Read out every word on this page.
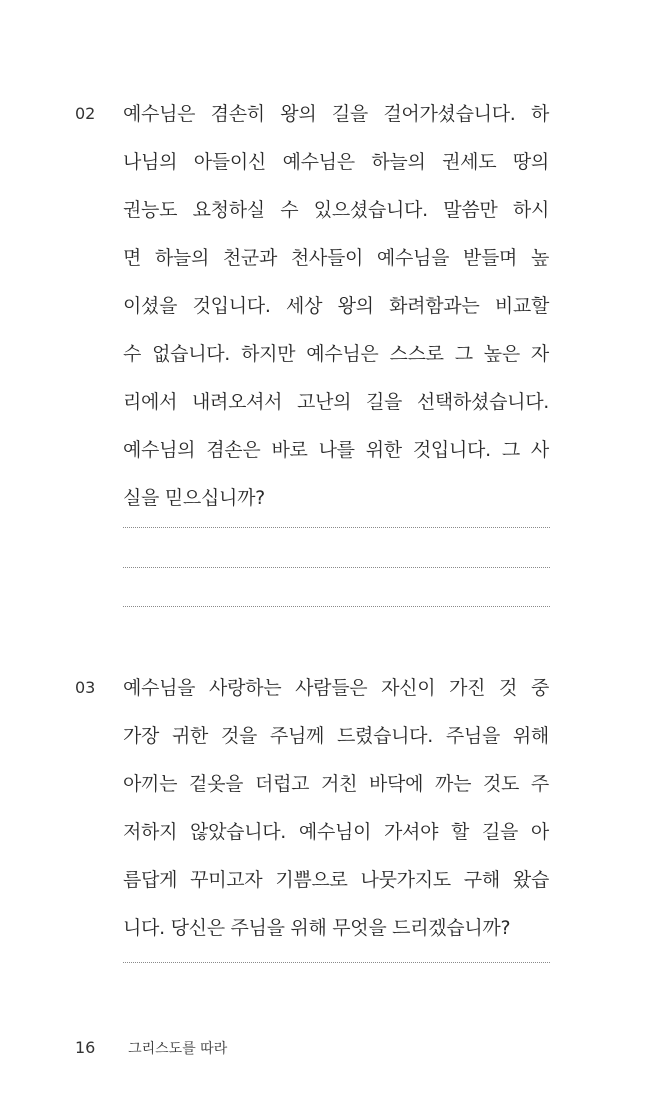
02	예수님은 겸손히 왕의 길을 걸어가셨습니다. 하
나님의 아들이신 예수님은 하늘의 권세도 땅의
권능도 요청하실 수 있으셨습니다. 말씀만 하시
면 하늘의 천군과 천사들이 예수님을 받들며 높
이셨을 것입니다. 세상 왕의 화려함과는 비교할
수 없습니다. 하지만 예수님은 스스로 그 높은 자
리에서 내려오셔서 고난의 길을 선택하셨습니다.
예수님의 겸손은 바로 나를 위한 것입니다. 그 사
실을 믿으십니까?
03	예수님을 사랑하는 사람들은 자신이 가진 것 중
가장 귀한 것을 주님께 드렸습니다. 주님을 위해
아끼는 겉옷을 더럽고 거친 바닥에 까는 것도 주
저하지 않았습니다. 예수님이 가셔야 할 길을 아
름답게 꾸미고자 기쁨으로 나뭇가지도 구해 왔습
니다. 당신은 주님을 위해 무엇을 드리겠습니까?
16 그리스도를 따라
